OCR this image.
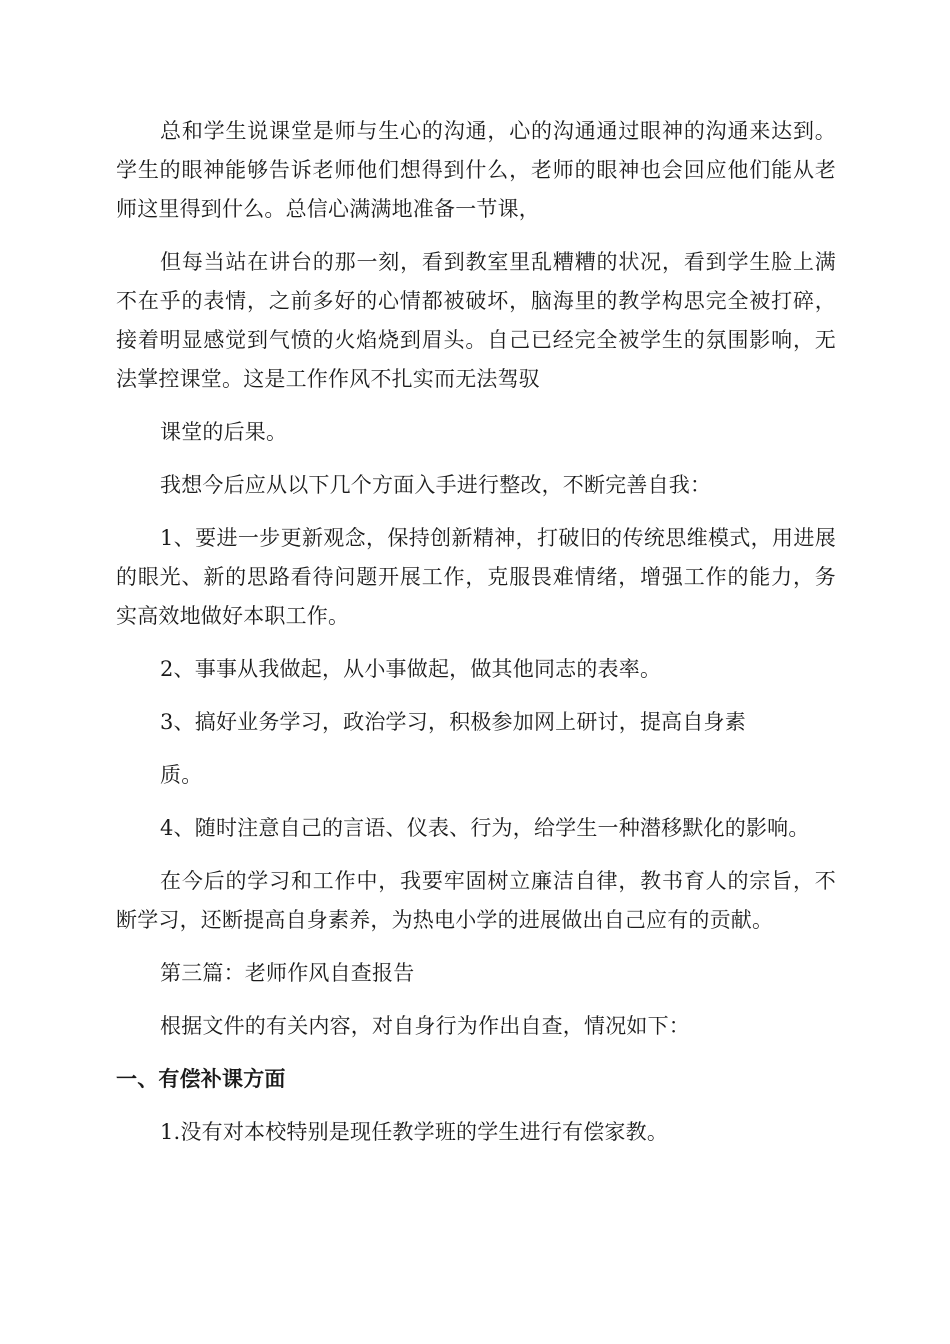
总和学生说课堂是师与生心的沟通，心的沟通通过眼神的沟通来达到。学生的眼神能够告诉老师他们想得到什么，老师的眼神也会回应他们能从老师这里得到什么。总信心满满地准备一节课，

但每当站在讲台的那一刻，看到教室里乱糟糟的状况，看到学生脸上满不在乎的表情，之前多好的心情都被破坏，脑海里的教学构思完全被打碎，接着明显感觉到气愤的火焰烧到眉头。自己已经完全被学生的氛围影响，无法掌控课堂。这是工作作风不扎实而无法驾驭

课堂的后果。

我想今后应从以下几个方面入手进行整改，不断完善自我：

1、要进一步更新观念，保持创新精神，打破旧的传统思维模式，用进展的眼光、新的思路看待问题开展工作，克服畏难情绪，增强工作的能力，务实高效地做好本职工作。

2、事事从我做起，从小事做起，做其他同志的表率。

3、搞好业务学习，政治学习，积极参加网上研讨，提高自身素

质。

4、随时注意自己的言语、仪表、行为，给学生一种潜移默化的影响。

在今后的学习和工作中，我要牢固树立廉洁自律，教书育人的宗旨，不断学习，还断提高自身素养，为热电小学的进展做出自己应有的贡献。

第三篇：老师作风自查报告

根据文件的有关内容，对自身行为作出自查，情况如下：

一、有偿补课方面

1.没有对本校特别是现任教学班的学生进行有偿家教。
